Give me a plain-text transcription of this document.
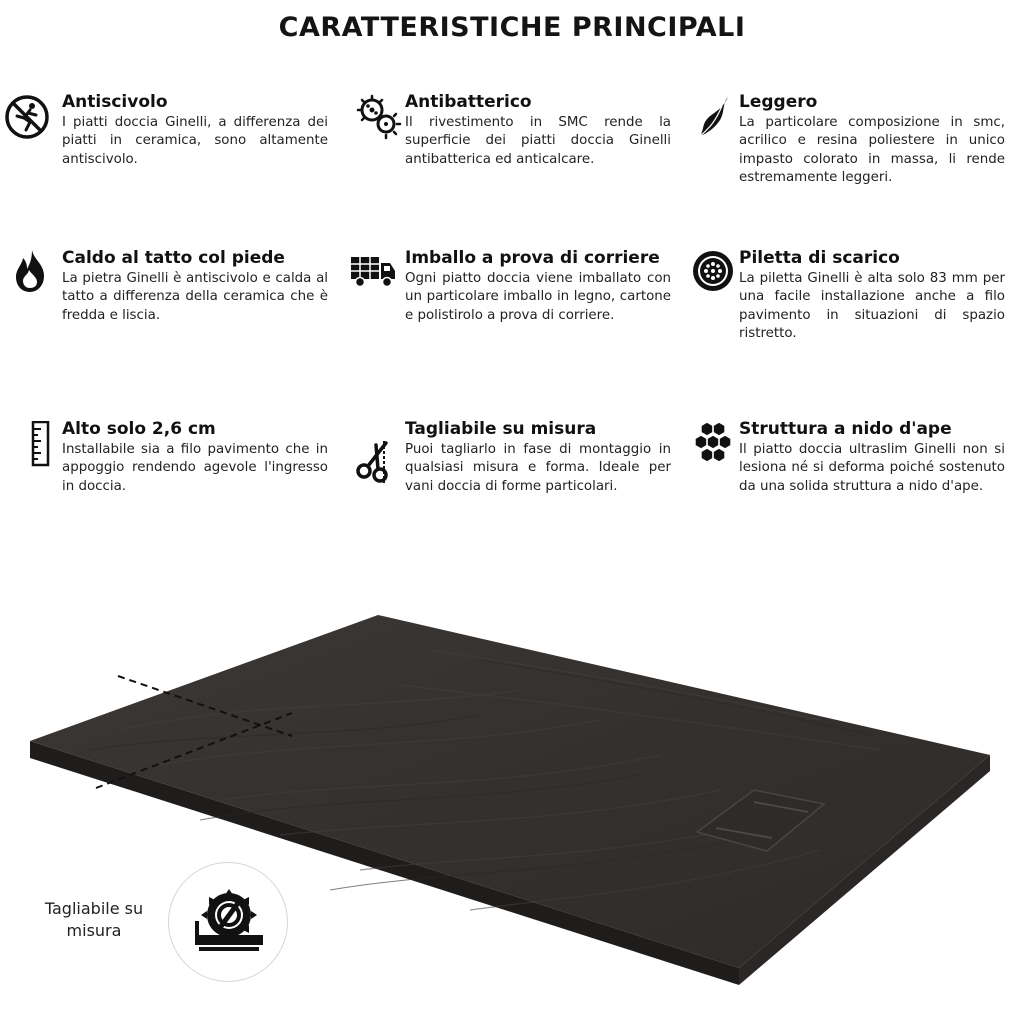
CARATTERISTICHE PRINCIPALI
Antiscivolo

I piatti doccia Ginelli, a differenza dei piatti in ceramica, sono altamente antiscivolo.

Antibatterico

Il rivestimento in SMC rende la superficie dei piatti doccia Ginelli antibatterica ed anticalcare.

Leggero

La particolare composizione in smc, acrilico e resina poliestere in unico impasto colorato in massa, li rende estremamente leggeri.

Caldo al tatto col piede

La pietra Ginelli è antiscivolo e calda al tatto a differenza della ceramica che è fredda e liscia.

Imballo a prova di corriere

Ogni piatto doccia viene imballato con un particolare imballo in legno, cartone e polistirolo a prova di corriere.

Piletta di scarico

La piletta Ginelli è alta solo 83 mm per una facile installazione anche a filo pavimento in situazioni di spazio ristretto.

Alto solo 2,6 cm

Installabile sia a filo pavimento che in appoggio rendendo agevole l'ingresso in doccia.

Tagliabile su misura

Puoi tagliarlo in fase di montaggio in qualsiasi misura e forma. Ideale per vani doccia di forme particolari.

Struttura a nido d'ape

Il piatto doccia ultraslim Ginelli non si lesiona né si deforma poiché sostenuto da una solida struttura a nido d'ape.

Tagliabile su misura
